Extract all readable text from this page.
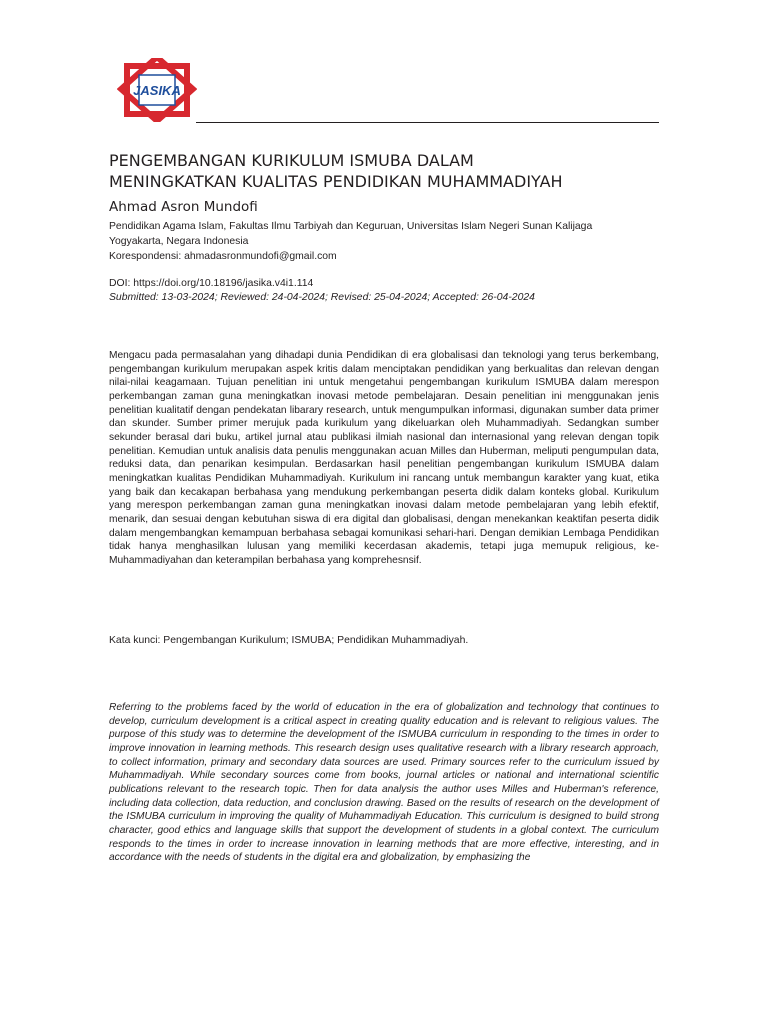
JASIKA
PENGEMBANGAN KURIKULUM ISMUBA DALAM
MENINGKATKAN KUALITAS PENDIDIKAN MUHAMMADIYAH
Ahmad Asron Mundofi
Pendidikan Agama Islam, Fakultas Ilmu Tarbiyah dan Keguruan, Universitas Islam Negeri Sunan Kalijaga
Yogyakarta, Negara Indonesia
Korespondensi: ahmadasronmundofi@gmail.com
DOI: https://doi.org/10.18196/jasika.v4i1.114
Submitted: 13-03-2024; Reviewed: 24-04-2024; Revised: 25-04-2024; Accepted: 26-04-2024

Mengacu pada permasalahan yang dihadapi dunia Pendidikan di era globalisasi dan teknologi yang terus berkembang, pengembangan kurikulum merupakan aspek kritis dalam menciptakan pendidikan yang berkualitas dan relevan dengan nilai-nilai keagamaan. Tujuan penelitian ini untuk mengetahui pengembangan kurikulum ISMUBA dalam merespon perkembangan zaman guna meningkatkan inovasi metode pembelajaran. Desain penelitian ini menggunakan jenis penelitian kualitatif dengan pendekatan libarary research, untuk mengumpulkan informasi, digunakan sumber data primer dan skunder. Sumber primer merujuk pada kurikulum yang dikeluarkan oleh Muhammadiyah. Sedangkan sumber sekunder berasal dari buku, artikel jurnal atau publikasi ilmiah nasional dan internasional yang relevan dengan topik penelitian. Kemudian untuk analisis data penulis menggunakan acuan Milles dan Huberman, meliputi pengumpulan data, reduksi data, dan penarikan kesimpulan. Berdasarkan hasil penelitian pengembangan kurikulum ISMUBA dalam meningkatkan kualitas Pendidikan Muhammadiyah. Kurikulum ini rancang untuk membangun karakter yang kuat, etika yang baik dan kecakapan berbahasa yang mendukung perkembangan peserta didik dalam konteks global. Kurikulum yang merespon perkembangan zaman guna meningkatkan inovasi dalam metode pembelajaran yang lebih efektif, menarik, dan sesuai dengan kebutuhan siswa di era digital dan globalisasi, dengan menekankan keaktifan peserta didik dalam mengembangkan kemampuan berbahasa sebagai komunikasi sehari-hari. Dengan demikian Lembaga Pendidikan tidak hanya menghasilkan lulusan yang memiliki kecerdasan akademis, tetapi juga memupuk religious, ke-Muhammadiyahan dan keterampilan berbahasa yang komprehesnsif.

Kata kunci: Pengembangan Kurikulum; ISMUBA; Pendidikan Muhammadiyah.

Referring to the problems faced by the world of education in the era of globalization and technology that continues to develop, curriculum development is a critical aspect in creating quality education and is relevant to religious values. The purpose of this study was to determine the development of the ISMUBA curriculum in responding to the times in order to improve innovation in learning methods. This research design uses qualitative research with a library research approach, to collect information, primary and secondary data sources are used. Primary sources refer to the curriculum issued by Muhammadiyah. While secondary sources come from books, journal articles or national and international scientific publications relevant to the research topic. Then for data analysis the author uses Milles and Huberman's reference, including data collection, data reduction, and conclusion drawing. Based on the results of research on the development of the ISMUBA curriculum in improving the quality of Muhammadiyah Education. This curriculum is designed to build strong character, good ethics and language skills that support the development of students in a global context. The curriculum responds to the times in order to increase innovation in learning methods that are more effective, interesting, and in accordance with the needs of students in the digital era and globalization, by emphasizing the
